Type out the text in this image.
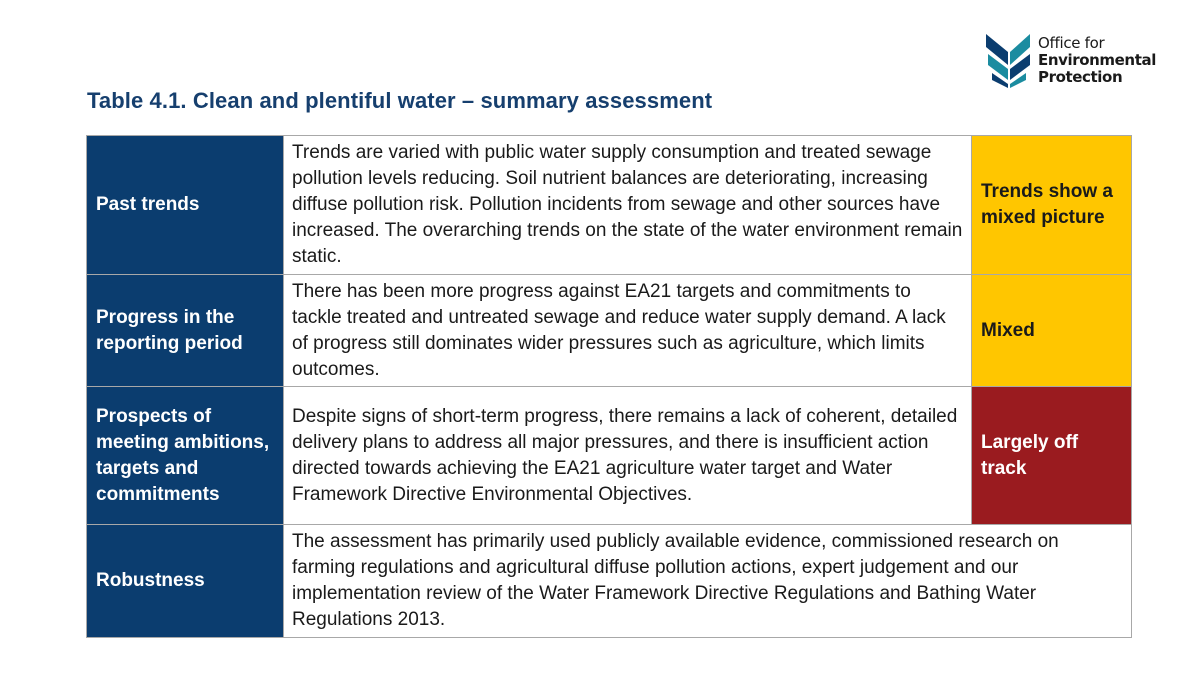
Office for
Environmental
Protection
Table 4.1. Clean and plentiful water – summary assessment
Past trends	Trends are varied with public water supply consumption and treated sewage pollution levels reducing. Soil nutrient balances are deteriorating, increasing diffuse pollution risk. Pollution incidents from sewage and other sources have increased. The overarching trends on the state of the water environment remain static.	Trends show a mixed picture
Progress in the reporting period	There has been more progress against EA21 targets and commitments to tackle treated and untreated sewage and reduce water supply demand. A lack of progress still dominates wider pressures such as agriculture, which limits outcomes.	Mixed
Prospects of meeting ambitions, targets and commitments	Despite signs of short-term progress, there remains a lack of coherent, detailed delivery plans to address all major pressures, and there is insufficient action directed towards achieving the EA21 agriculture water target and Water Framework Directive Environmental Objectives.	Largely off track
Robustness	The assessment has primarily used publicly available evidence, commissioned research on farming regulations and agricultural diffuse pollution actions, expert judgement and our implementation review of the Water Framework Directive Regulations and Bathing Water Regulations 2013.	
